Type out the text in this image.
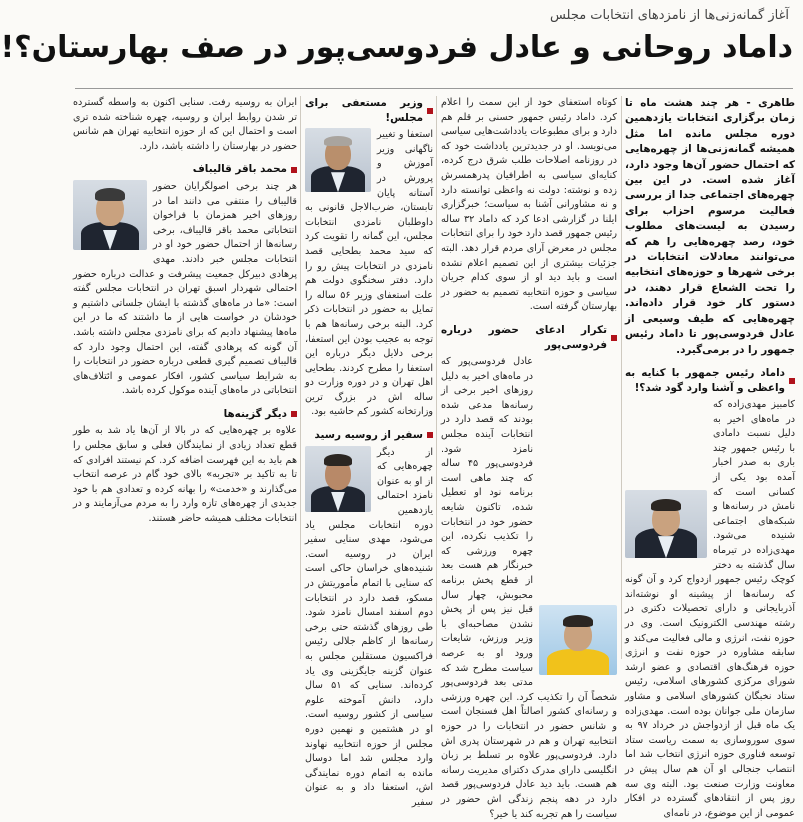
آغاز گمانه‌زنی‌ها از نامزدهای انتخابات مجلس
داماد روحانی و عادل فردوسی‌پور در صف بهارستان؟!

طاهری - هر چند هشت ماه تا زمان برگزاری انتخابات یازدهمین دوره مجلس مانده اما مثل همیشه گمانه‌زنی‌ها از چهره‌هایی که احتمال حضور آن‌ها وجود دارد، آغاز شده است. در این بین چهره‌های اجتماعی جدا از بررسی فعالیت مرسوم احزاب برای رسیدن به لیست‌های مطلوب خود، رصد چهره‌هایی را هم که می‌توانند معادلات انتخابات در برخی شهرها و حوزه‌های انتخابیه را تحت الشعاع قرار دهند، در دستور کار خود قرار داده‌اند. چهره‌هایی که طیف وسیعی از عادل فردوسی‌پور تا داماد رئیس جمهور را در برمی‌گیرد.

داماد رئیس جمهور با کنایه به واعظی و آشنا وارد گود شد؟!

کامبیز مهدی‌زاده که در ماه‌های اخیر به دلیل نسبت دامادی با رئیس جمهور چند باری به صدر اخبار آمده بود یکی از کسانی است که نامش در رسانه‌ها و شبکه‌های اجتماعی شنیده می‌شود. مهدی‌زاده در تیرماه سال گذشته به دختر کوچک رئیس جمهور ازدواج کرد و آن گونه که رسانه‌ها از پیشینه او نوشته‌اند آذربایجانی و دارای تحصیلات دکتری در رشته مهندسی الکترونیک است. وی در حوزه نفت، انرژی و مالی فعالیت می‌کند و سابقه مشاوره در حوزه نفت و انرژی حوزه فرهنگ‌های اقتصادی و عضو ارشد شورای مرکزی کشورهای اسلامی، رئیس ستاد نخبگان کشورهای اسلامی و مشاور سازمان ملی جوانان بوده است. مهدی‌زاده یک ماه قبل از ازدواجش در خرداد ۹۷ به سوی سوروسازی به سمت ریاست ستاد توسعه فناوری حوزه انرژی انتخاب شد اما انتصاب جنجالی او آن هم سال پیش در معاونت وزارت صنعت بود. البته وی سه روز پس از انتقادهای گسترده در افکار عمومی از این موضوع، در نامه‌ای

کوتاه استعفای خود از این سمت را اعلام کرد. داماد رئیس جمهور حسنی بر قلم هم دارد و برای مطبوعات یادداشت‌هایی سیاسی می‌نویسد. او در جدیدترین یادداشت خود که در روزنامه اصلاحات طلب شرق درج کرده، کنایه‌ای سیاسی به اطرافیان پدرهمسرش زده و نوشته: دولت نه واعظی توانسته دارد و نه مشاورانی آشنا به سیاست؛ خبرگزاری ایلنا در گزارشی ادعا کرد که داماد ۳۲ ساله رئیس جمهور قصد دارد خود را برای انتخابات مجلس در معرض آرای مردم قرار دهد. البته جزئیات بیشتری از این تصمیم اعلام نشده است و باید دید او از سوی کدام جریان سیاسی و حوزه انتخابیه تصمیم به حضور در بهارستان گرفته است.

تکرار ادعای حضور درباره فردوسی‌پور

عادل فردوسی‌پور که در ماه‌های اخیر به دلیل روزهای اخیر برخی از رسانه‌ها مدعی شده بودند که قصد دارد در انتخابات آینده مجلس نامزد شود. فردوسی‌پور ۴۵ ساله که چند ماهی است برنامه نود او تعطیل شده، تاکنون شایعه حضور خود در انتخابات را تکذیب نکرده، این چهره ورزشی که خبرنگار هم هست بعد از قطع پخش برنامه محبوبش، چهار سال قبل نیز پس از پخش نشدن مصاحبه‌ای با وزیر ورزش، شایعات ورود او به عرصه سیاست مطرح شد که مدتی بعد فردوسی‌پور شخصاً آن را تکذیب کرد. این چهره ورزشی و رسانه‌ای کشور اصالتاً اهل فسنجان است و شانس حضور در انتخابات را در حوزه انتخابیه تهران و هم در شهرستان پدری اش دارد. فردوسی‌پور علاوه بر تسلط بر زبان انگلیسی دارای مدرک دکترای مدیریت رسانه هم هست. باید دید عادل فردوسی‌پور قصد دارد در دهه پنجم زندگی اش حضور در سیاست را هم تجربه کند یا خیر؟

وزیر مستعفی برای مجلس!

استعفا و تغییر ناگهانی وزیر آموزش و پرورش در آستانه پایان تابستان، ضرب‌الاجل قانونی به داوطلبان نامزدی انتخابات مجلس، این گمانه را تقویت کرد که سید محمد بطحایی قصد نامزدی در انتخابات پیش رو را دارد. دفتر سخنگوی دولت هم علت استعفای وزیر ۵۶ ساله را تمایل به حضور در انتخابات ذکر کرد. البته برخی رسانه‌ها هم با توجه به عجیب بودن این استعفا، برخی دلایل دیگر درباره این استعفا را مطرح کردند. بطحایی اهل تهران و در دوره وزارت دو ساله اش در بزرگ ترین وزارتخانه کشور کم حاشیه بود.

سفیر از روسیه رسید

از دیگر چهره‌هایی که از او به عنوان نامزد احتمالی یازدهمین دوره انتخابات مجلس یاد می‌شود، مهدی سنایی سفیر ایران در روسیه است. شنیده‌های خراسان حاکی است که سنایی با اتمام مأموریتش در مسکو، قصد دارد در انتخابات دوم اسفند امسال نامزد شود. طی روزهای گذشته حتی برخی رسانه‌ها از کاظم جلالی رئیس فراکسیون مستقلین مجلس به عنوان گزینه جایگزینی وی یاد کرده‌اند. سنایی که ۵۱ سال دارد، دانش آموخته علوم سیاسی از کشور روسیه است. او در هشتمین و نهمین دوره مجلس از حوزه انتخابیه نهاوند وارد مجلس شد اما دوسال مانده به اتمام دوره نمایندگی اش، استعفا داد و به عنوان سفیر

ایران به روسیه رفت. سنایی اکنون به واسطه گسترده تر شدن روابط ایران و روسیه، چهره شناخته شده تری است و احتمال این که از حوزه انتخابیه تهران هم شانس حضور در بهارستان را داشته باشد، دارد.

محمد باقر قالیباف

هر چند برخی اصولگرایان حضور قالیباف را منتفی می دانند اما در روزهای اخیر همزمان با فراخوان انتخاباتی محمد باقر قالیباف، برخی رسانه‌ها از احتمال حضور خود او در انتخابات مجلس خبر دادند. مهدی پرهادی دبیرکل جمعیت پیشرفت و عدالت درباره حضور احتمالی شهردار اسبق تهران در انتخابات مجلس گفته است: «ما در ماه‌های گذشته با ایشان جلساتی داشتیم و خودشان در خواست هایی از ما داشتند که ما در این ماه‌ها پیشنهاد دادیم که برای نامزدی مجلس داشته باشد. آن گونه که پرهادی گفته، این احتمال وجود دارد که قالیباف تصمیم گیری قطعی درباره حضور در انتخابات را به شرایط سیاسی کشور، افکار عمومی و ائتلاف‌های انتخاباتی در ماه‌های آینده موکول کرده باشد.

دیگر گزینه‌ها

علاوه بر چهره‌هایی که در بالا از آن‌ها یاد شد به طور قطع تعداد زیادی از نمایندگان فعلی و سابق مجلس را هم باید به این فهرست اضافه کرد. کم نیستند افرادی که تا به تاکید بر «تجربه» بالای خود گام در عرصه انتخاب می‌گذارند و «خدمت» را بهانه کرده و تعدادی هم با خود جدیدی از چهره‌های تازه وارد را به مردم می‌آزمایند و در انتخابات مختلف همیشه حاضر هستند.
